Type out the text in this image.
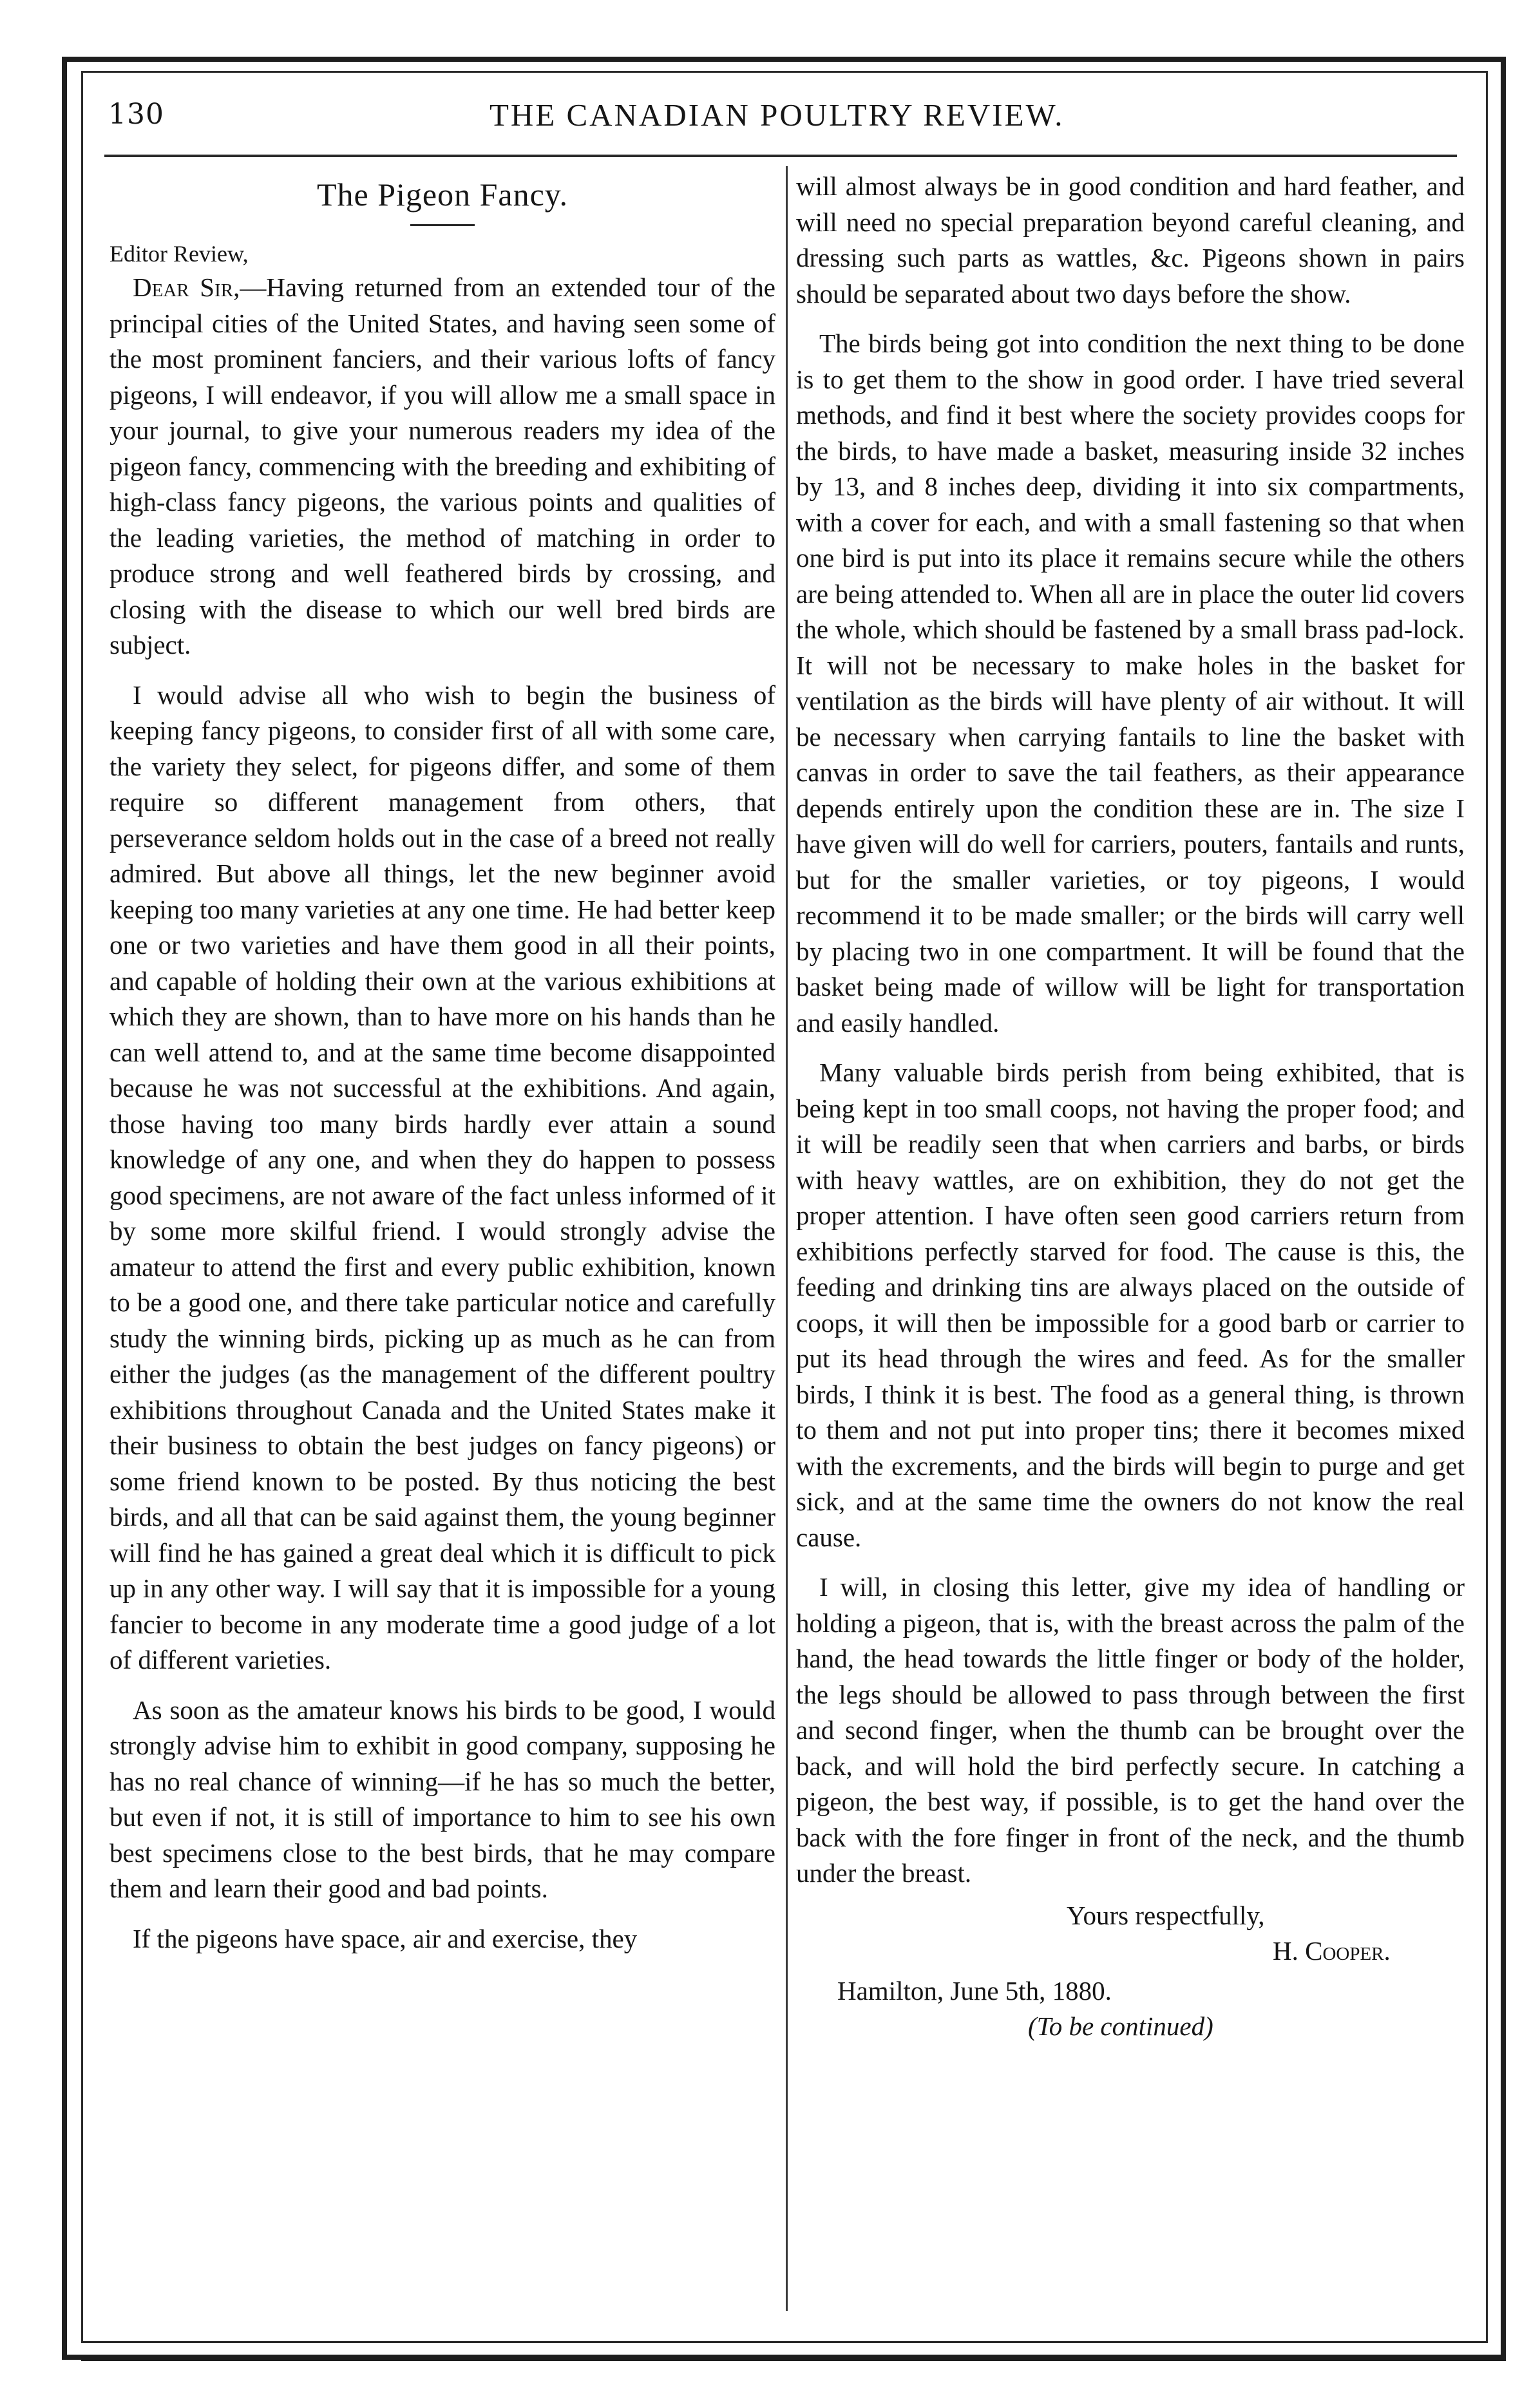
130	THE CANADIAN POULTRY REVIEW.
The Pigeon Fancy.
Editor Review,

Dear Sir,—Having returned from an extended tour of the principal cities of the United States, and having seen some of the most prominent fanciers, and their various lofts of fancy pigeons, I will endeavor, if you will allow me a small space in your journal, to give your numerous readers my idea of the pigeon fancy, commencing with the breeding and exhibiting of high-class fancy pigeons, the various points and qualities of the leading varieties, the method of matching in order to produce strong and well feathered birds by crossing, and closing with the disease to which our well bred birds are subject.

I would advise all who wish to begin the business of keeping fancy pigeons, to consider first of all with some care, the variety they select, for pigeons differ, and some of them require so different management from others, that perseverance seldom holds out in the case of a breed not really admired. But above all things, let the new beginner avoid keeping too many varieties at any one time. He had better keep one or two varieties and have them good in all their points, and capable of holding their own at the various exhibitions at which they are shown, than to have more on his hands than he can well attend to, and at the same time become disappointed because he was not successful at the exhibitions. And again, those having too many birds hardly ever attain a sound knowledge of any one, and when they do happen to possess good specimens, are not aware of the fact unless informed of it by some more skilful friend. I would strongly advise the amateur to attend the first and every public exhibition, known to be a good one, and there take particular notice and carefully study the winning birds, picking up as much as he can from either the judges (as the management of the different poultry exhibitions throughout Canada and the United States make it their business to obtain the best judges on fancy pigeons) or some friend known to be posted. By thus noticing the best birds, and all that can be said against them, the young beginner will find he has gained a great deal which it is difficult to pick up in any other way. I will say that it is impossible for a young fancier to become in any moderate time a good judge of a lot of different varieties.

As soon as the amateur knows his birds to be good, I would strongly advise him to exhibit in good company, supposing he has no real chance of winning—if he has so much the better, but even if not, it is still of importance to him to see his own best specimens close to the best birds, that he may compare them and learn their good and bad points.

If the pigeons have space, air and exercise, they

will almost always be in good condition and hard feather, and will need no special preparation beyond careful cleaning, and dressing such parts as wattles, &c. Pigeons shown in pairs should be separated about two days before the show.

The birds being got into condition the next thing to be done is to get them to the show in good order. I have tried several methods, and find it best where the society provides coops for the birds, to have made a basket, measuring inside 32 inches by 13, and 8 inches deep, dividing it into six compartments, with a cover for each, and with a small fastening so that when one bird is put into its place it remains secure while the others are being attended to. When all are in place the outer lid covers the whole, which should be fastened by a small brass pad-lock. It will not be necessary to make holes in the basket for ventilation as the birds will have plenty of air without. It will be necessary when carrying fantails to line the basket with canvas in order to save the tail feathers, as their appearance depends entirely upon the condition these are in. The size I have given will do well for carriers, pouters, fantails and runts, but for the smaller varieties, or toy pigeons, I would recommend it to be made smaller; or the birds will carry well by placing two in one compartment. It will be found that the basket being made of willow will be light for transportation and easily handled.

Many valuable birds perish from being exhibited, that is being kept in too small coops, not having the proper food; and it will be readily seen that when carriers and barbs, or birds with heavy wattles, are on exhibition, they do not get the proper attention. I have often seen good carriers return from exhibitions perfectly starved for food. The cause is this, the feeding and drinking tins are always placed on the outside of coops, it will then be impossible for a good barb or carrier to put its head through the wires and feed. As for the smaller birds, I think it is best. The food as a general thing, is thrown to them and not put into proper tins; there it becomes mixed with the excrements, and the birds will begin to purge and get sick, and at the same time the owners do not know the real cause.

I will, in closing this letter, give my idea of handling or holding a pigeon, that is, with the breast across the palm of the hand, the head towards the little finger or body of the holder, the legs should be allowed to pass through between the first and second finger, when the thumb can be brought over the back, and will hold the bird perfectly secure. In catching a pigeon, the best way, if possible, is to get the hand over the back with the fore finger in front of the neck, and the thumb under the breast.

Yours respectfully,
H. Cooper.
Hamilton, June 5th, 1880.
(To be continued)
